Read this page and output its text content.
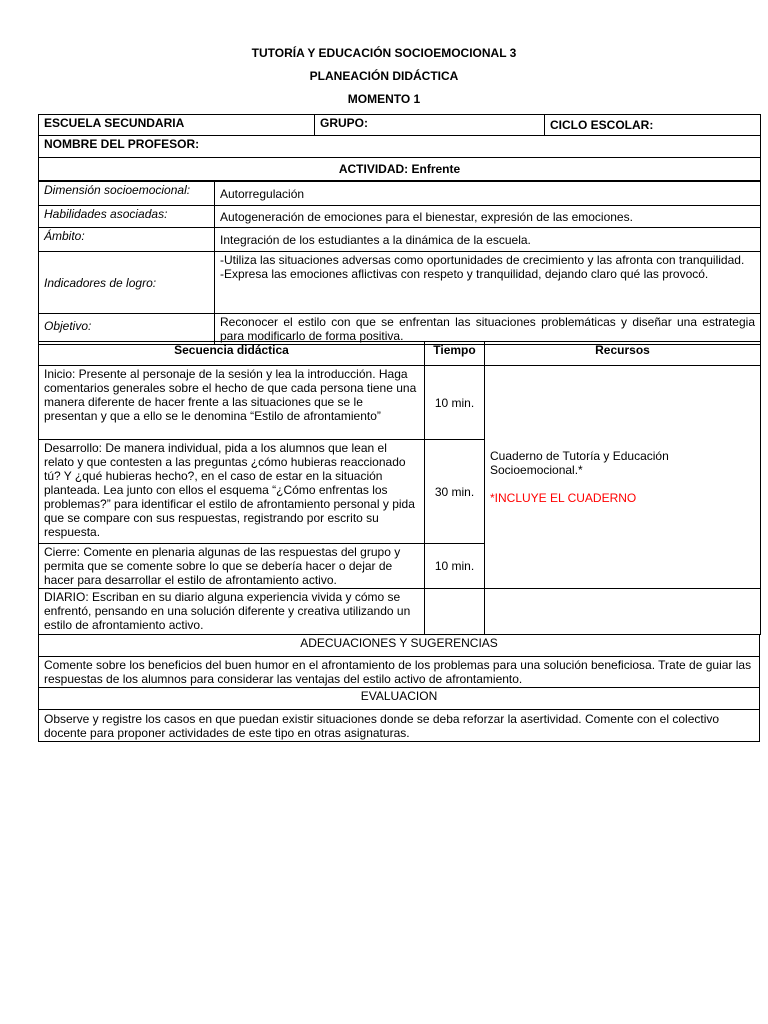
TUTORÍA Y EDUCACIÓN SOCIOEMOCIONAL 3
PLANEACIÓN DIDÁCTICA
MOMENTO 1
ESCUELA SECUNDARIA	GRUPO:	CICLO ESCOLAR:
NOMBRE DEL PROFESOR:
ACTIVIDAD: Enfrente
Dimensión socioemocional:	Autorregulación
Habilidades asociadas:	Autogeneración de emociones para el bienestar, expresión de las emociones.
Ámbito:	Integración de los estudiantes a la dinámica de la escuela.
Indicadores de logro:	-Utiliza las situaciones adversas como oportunidades de crecimiento y las afronta con tranquilidad.
-Expresa las emociones aflictivas con respeto y tranquilidad, dejando claro qué las provocó.

Objetivo:	Reconocer el estilo con que se enfrentan las situaciones problemáticas y diseñar una estrategia para modificarlo de forma positiva.
Secuencia didáctica	Tiempo	Recursos
Inicio: Presente al personaje de la sesión y lea la introducción. Haga comentarios generales sobre el hecho de que cada persona tiene una manera diferente de hacer frente a las situaciones que se le presentan y que a ello se le denomina “Estilo de afrontamiento”	10 min.	Cuaderno de Tutoría y Educación Socioemocional.*
*INCLUYE EL CUADERNO

Desarrollo: De manera individual, pida a los alumnos que lean el relato y que contesten a las preguntas ¿cómo hubieras reaccionado tú? Y ¿qué hubieras hecho?, en el caso de estar en la situación planteada. Lea junto con ellos el esquema “¿Cómo enfrentas los problemas?” para identificar el estilo de afrontamiento personal y pida que se compare con sus respuestas, registrando por escrito su respuesta.	30 min.	
Cierre: Comente en plenaria algunas de las respuestas del grupo y permita que se comente sobre lo que se debería hacer o dejar de hacer para desarrollar el estilo de afrontamiento activo.	10 min.	
DIARIO: Escriban en su diario alguna experiencia vivida y cómo se enfrentó, pensando en una solución diferente y creativa utilizando un estilo de afrontamiento activo.		
ADECUACIONES Y SUGERENCIAS
Comente sobre los beneficios del buen humor en el afrontamiento de los problemas para una solución beneficiosa. Trate de guiar las respuestas de los alumnos para considerar las ventajas del estilo activo de afrontamiento.
EVALUACION
Observe y registre los casos en que puedan existir situaciones donde se deba reforzar la asertividad. Comente con el colectivo docente para proponer actividades de este tipo en otras asignaturas.
